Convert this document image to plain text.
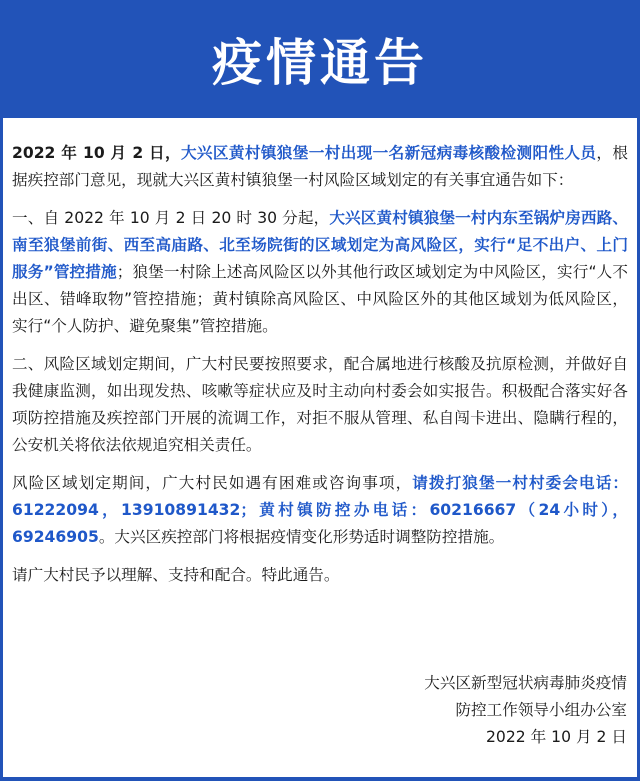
疫情通告

2022 年 10 月 2 日，大兴区黄村镇狼堡一村出现一名新冠病毒核酸检测阳性人员，根据疾控部门意见，现就大兴区黄村镇狼堡一村风险区域划定的有关事宜通告如下：

一、自 2022 年 10 月 2 日 20 时 30 分起，大兴区黄村镇狼堡一村内东至锅炉房西路、南至狼堡前街、西至高庙路、北至场院街的区域划定为高风险区，实行“足不出户、上门服务”管控措施；狼堡一村除上述高风险区以外其他行政区域划定为中风险区，实行“人不出区、错峰取物”管控措施；黄村镇除高风险区、中风险区外的其他区域划为低风险区，实行“个人防护、避免聚集”管控措施。

二、风险区域划定期间，广大村民要按照要求，配合属地进行核酸及抗原检测，并做好自我健康监测，如出现发热、咳嗽等症状应及时主动向村委会如实报告。积极配合落实好各项防控措施及疾控部门开展的流调工作，对拒不服从管理、私自闯卡进出、隐瞒行程的，公安机关将依法依规追究相关责任。

风险区域划定期间，广大村民如遇有困难或咨询事项，请拨打狼堡一村村委会电话：61222094，13910891432；黄村镇防控办电话：60216667（24小时），69246905。大兴区疾控部门将根据疫情变化形势适时调整防控措施。

请广大村民予以理解、支持和配合。特此通告。

大兴区新型冠状病毒肺炎疫情
防控工作领导小组办公室
2022 年 10 月 2 日
